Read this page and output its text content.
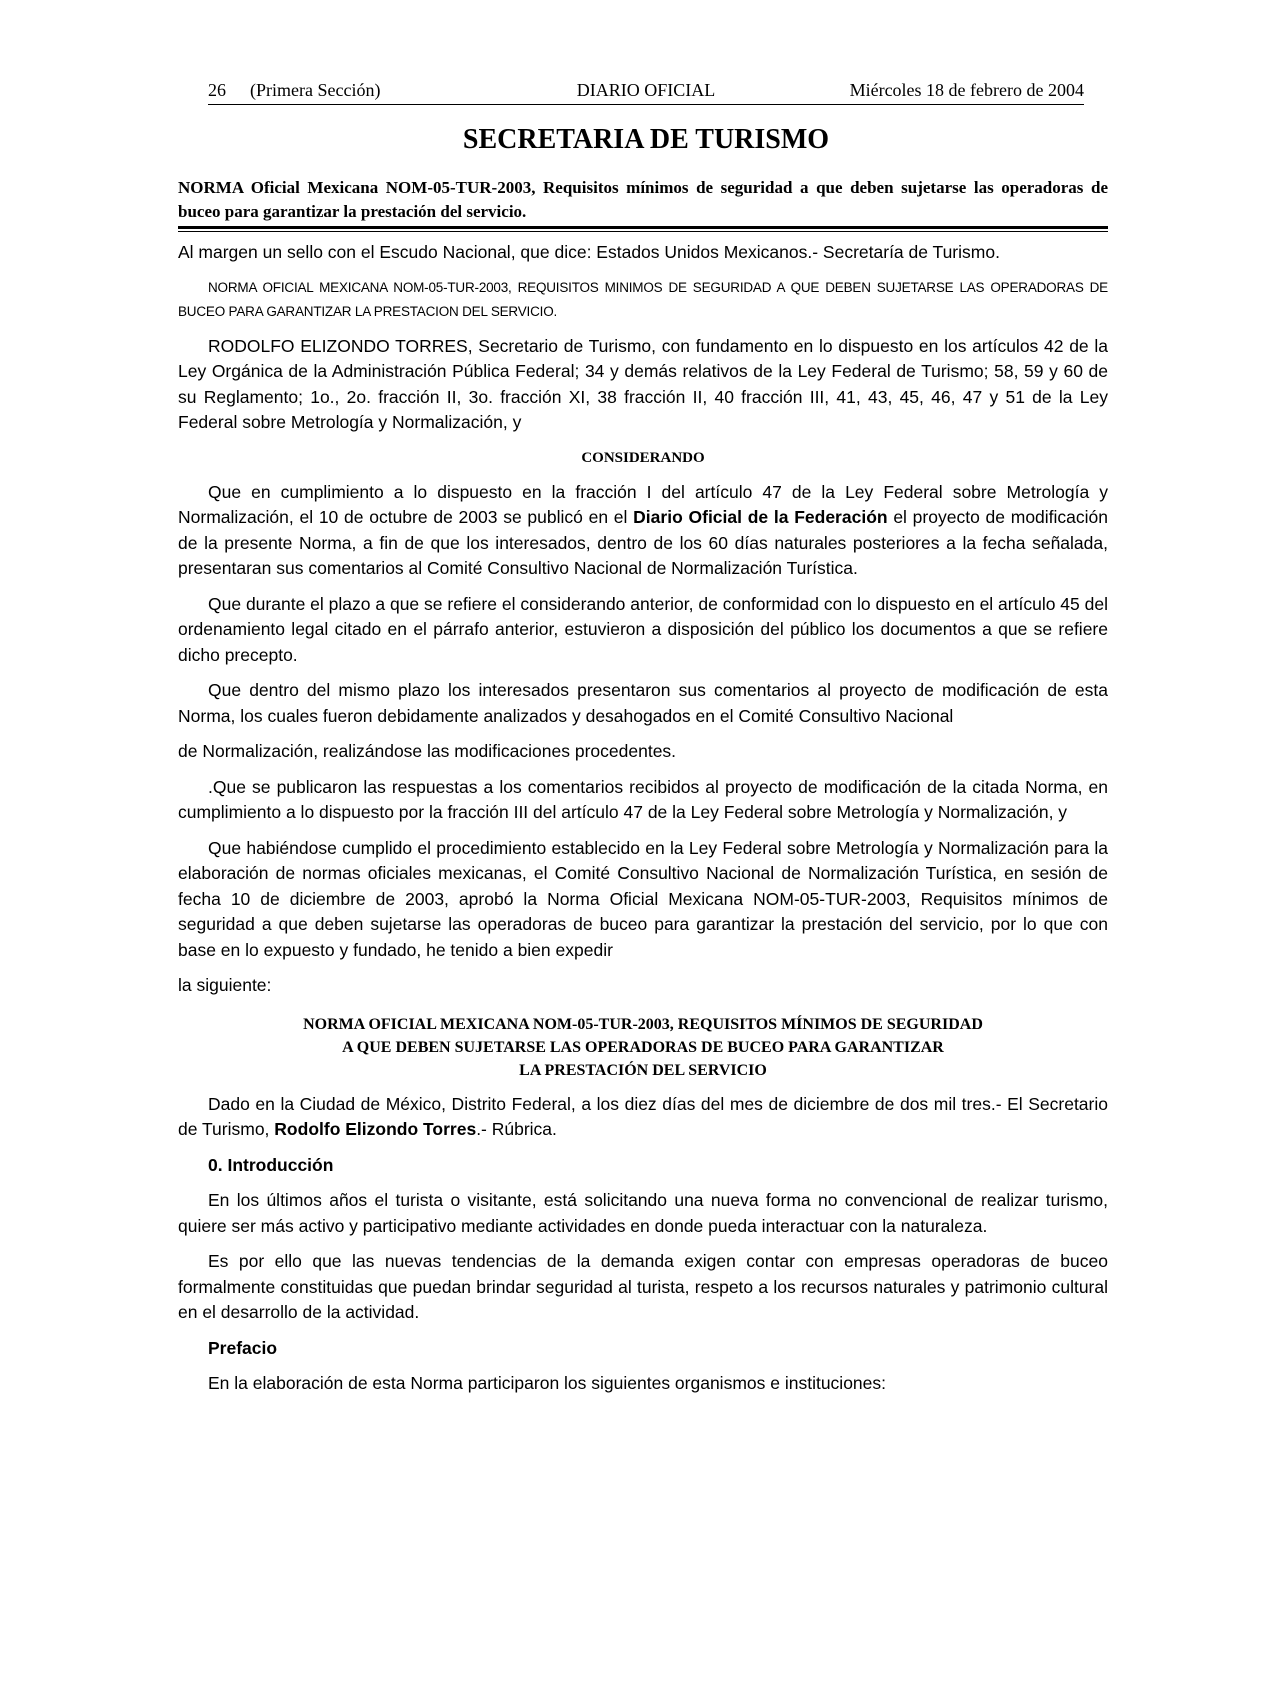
26 (Primera Sección)	DIARIO OFICIAL	Miércoles 18 de febrero de 2004
SECRETARIA DE TURISMO
NORMA Oficial Mexicana NOM-05-TUR-2003, Requisitos mínimos de seguridad a que deben sujetarse las operadoras de buceo para garantizar la prestación del servicio.

Al margen un sello con el Escudo Nacional, que dice: Estados Unidos Mexicanos.- Secretaría de Turismo.

NORMA OFICIAL MEXICANA NOM-05-TUR-2003, REQUISITOS MINIMOS DE SEGURIDAD A QUE DEBEN SUJETARSE LAS OPERADORAS DE BUCEO PARA GARANTIZAR LA PRESTACION DEL SERVICIO.

RODOLFO ELIZONDO TORRES, Secretario de Turismo, con fundamento en lo dispuesto en los artículos 42 de la Ley Orgánica de la Administración Pública Federal; 34 y demás relativos de la Ley Federal de Turismo; 58, 59 y 60 de su Reglamento; 1o., 2o. fracción II, 3o. fracción XI, 38 fracción II, 40 fracción III, 41, 43, 45, 46, 47 y 51 de la Ley Federal sobre Metrología y Normalización, y

CONSIDERANDO

Que en cumplimiento a lo dispuesto en la fracción I del artículo 47 de la Ley Federal sobre Metrología y Normalización, el 10 de octubre de 2003 se publicó en el Diario Oficial de la Federación el proyecto de modificación de la presente Norma, a fin de que los interesados, dentro de los 60 días naturales posteriores a la fecha señalada, presentaran sus comentarios al Comité Consultivo Nacional de Normalización Turística.

Que durante el plazo a que se refiere el considerando anterior, de conformidad con lo dispuesto en el artículo 45 del ordenamiento legal citado en el párrafo anterior, estuvieron a disposición del público los documentos a que se refiere dicho precepto.

Que dentro del mismo plazo los interesados presentaron sus comentarios al proyecto de modificación de esta Norma, los cuales fueron debidamente analizados y desahogados en el Comité Consultivo Nacional

de Normalización, realizándose las modificaciones procedentes.

.Que se publicaron las respuestas a los comentarios recibidos al proyecto de modificación de la citada Norma, en cumplimiento a lo dispuesto por la fracción III del artículo 47 de la Ley Federal sobre Metrología y Normalización, y

Que habiéndose cumplido el procedimiento establecido en la Ley Federal sobre Metrología y Normalización para la elaboración de normas oficiales mexicanas, el Comité Consultivo Nacional de Normalización Turística, en sesión de fecha 10 de diciembre de 2003, aprobó la Norma Oficial Mexicana NOM-05-TUR-2003, Requisitos mínimos de seguridad a que deben sujetarse las operadoras de buceo para garantizar la prestación del servicio, por lo que con base en lo expuesto y fundado, he tenido a bien expedir

la siguiente:

NORMA OFICIAL MEXICANA NOM-05-TUR-2003, REQUISITOS MÍNIMOS DE SEGURIDAD
A QUE DEBEN SUJETARSE LAS OPERADORAS DE BUCEO PARA GARANTIZAR
LA PRESTACIÓN DEL SERVICIO

Dado en la Ciudad de México, Distrito Federal, a los diez días del mes de diciembre de dos mil tres.- El Secretario de Turismo, Rodolfo Elizondo Torres.- Rúbrica.

0. Introducción

En los últimos años el turista o visitante, está solicitando una nueva forma no convencional de realizar turismo, quiere ser más activo y participativo mediante actividades en donde pueda interactuar con la naturaleza.

Es por ello que las nuevas tendencias de la demanda exigen contar con empresas operadoras de buceo formalmente constituidas que puedan brindar seguridad al turista, respeto a los recursos naturales y patrimonio cultural en el desarrollo de la actividad.

Prefacio

En la elaboración de esta Norma participaron los siguientes organismos e instituciones:
